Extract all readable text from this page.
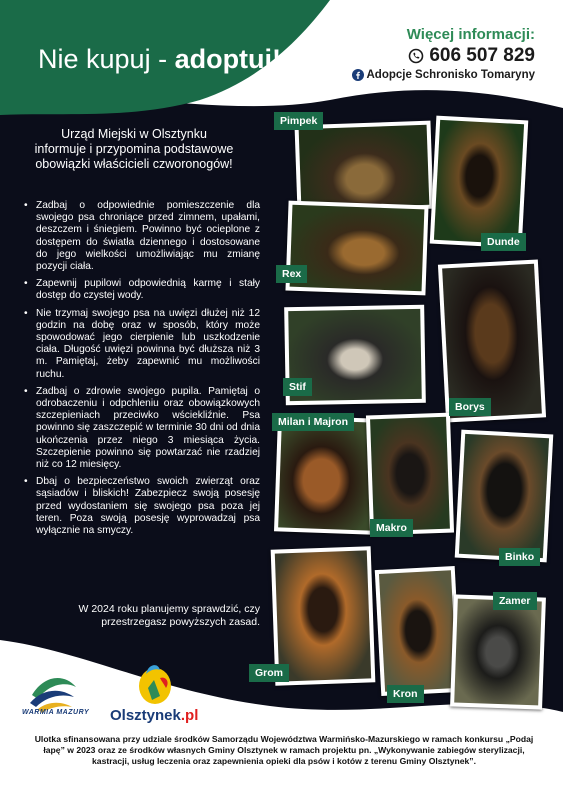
Nie kupuj - adoptuj!
Więcej informacji:
606 507 829
Adopcje Schronisko Tomaryny
Urząd Miejski w Olsztynku informuje i przypomina podstawowe obowiązki właścicieli czworonogów!
• Zadbaj o odpowiednie pomieszczenie dla swojego psa chroniące przed zimnem, upałami, deszczem i śniegiem. Powinno być ocieplone z dostępem do światła dziennego i dostosowane do jego wielkości umożliwiając mu zmianę pozycji ciała.
• Zapewnij pupilowi odpowiednią karmę i stały dostęp do czystej wody.
• Nie trzymaj swojego psa na uwięzi dłużej niż 12 godzin na dobę oraz w sposób, który może spowodować jego cierpienie lub uszkodzenie ciała. Długość uwięzi powinna być dłuższa niż 3 m. Pamiętaj, żeby zapewnić mu możliwości ruchu.
• Zadbaj o zdrowie swojego pupila. Pamiętaj o odrobaczeniu i odpchleniu oraz obowiązkowych szczepieniach przeciwko wściekliźnie. Psa powinno się zaszczepić w terminie 30 dni od dnia ukończenia przez niego 3 miesiąca życia. Szczepienie powinno się powtarzać nie rzadziej niż co 12 miesięcy.
• Dbaj o bezpieczeństwo swoich zwierząt oraz sąsiadów i bliskich! Zabezpiecz swoją posesję przed wydostaniem się swojego psa poza jej teren. Poza swoją posesję wyprowadzaj psa wyłącznie na smyczy.
W 2024 roku planujemy sprawdzić, czy przestrzegasz powyższych zasad.
Pimpek
Dunde
Rex
Stif
Borys
Milan i Majron
Makro
Binko
Zamer
Grom
Kron
WARMIA MAZURY Olsztynek.pl
Ulotka sfinansowana przy udziale środków Samorządu Województwa Warmińsko-Mazurskiego w ramach konkursu „Podaj łapę” w 2023 oraz ze środków własnych Gminy Olsztynek w ramach projektu pn. „Wykonywanie zabiegów sterylizacji, kastracji, usług leczenia oraz zapewnienia opieki dla psów i kotów z terenu Gminy Olsztynek”.
